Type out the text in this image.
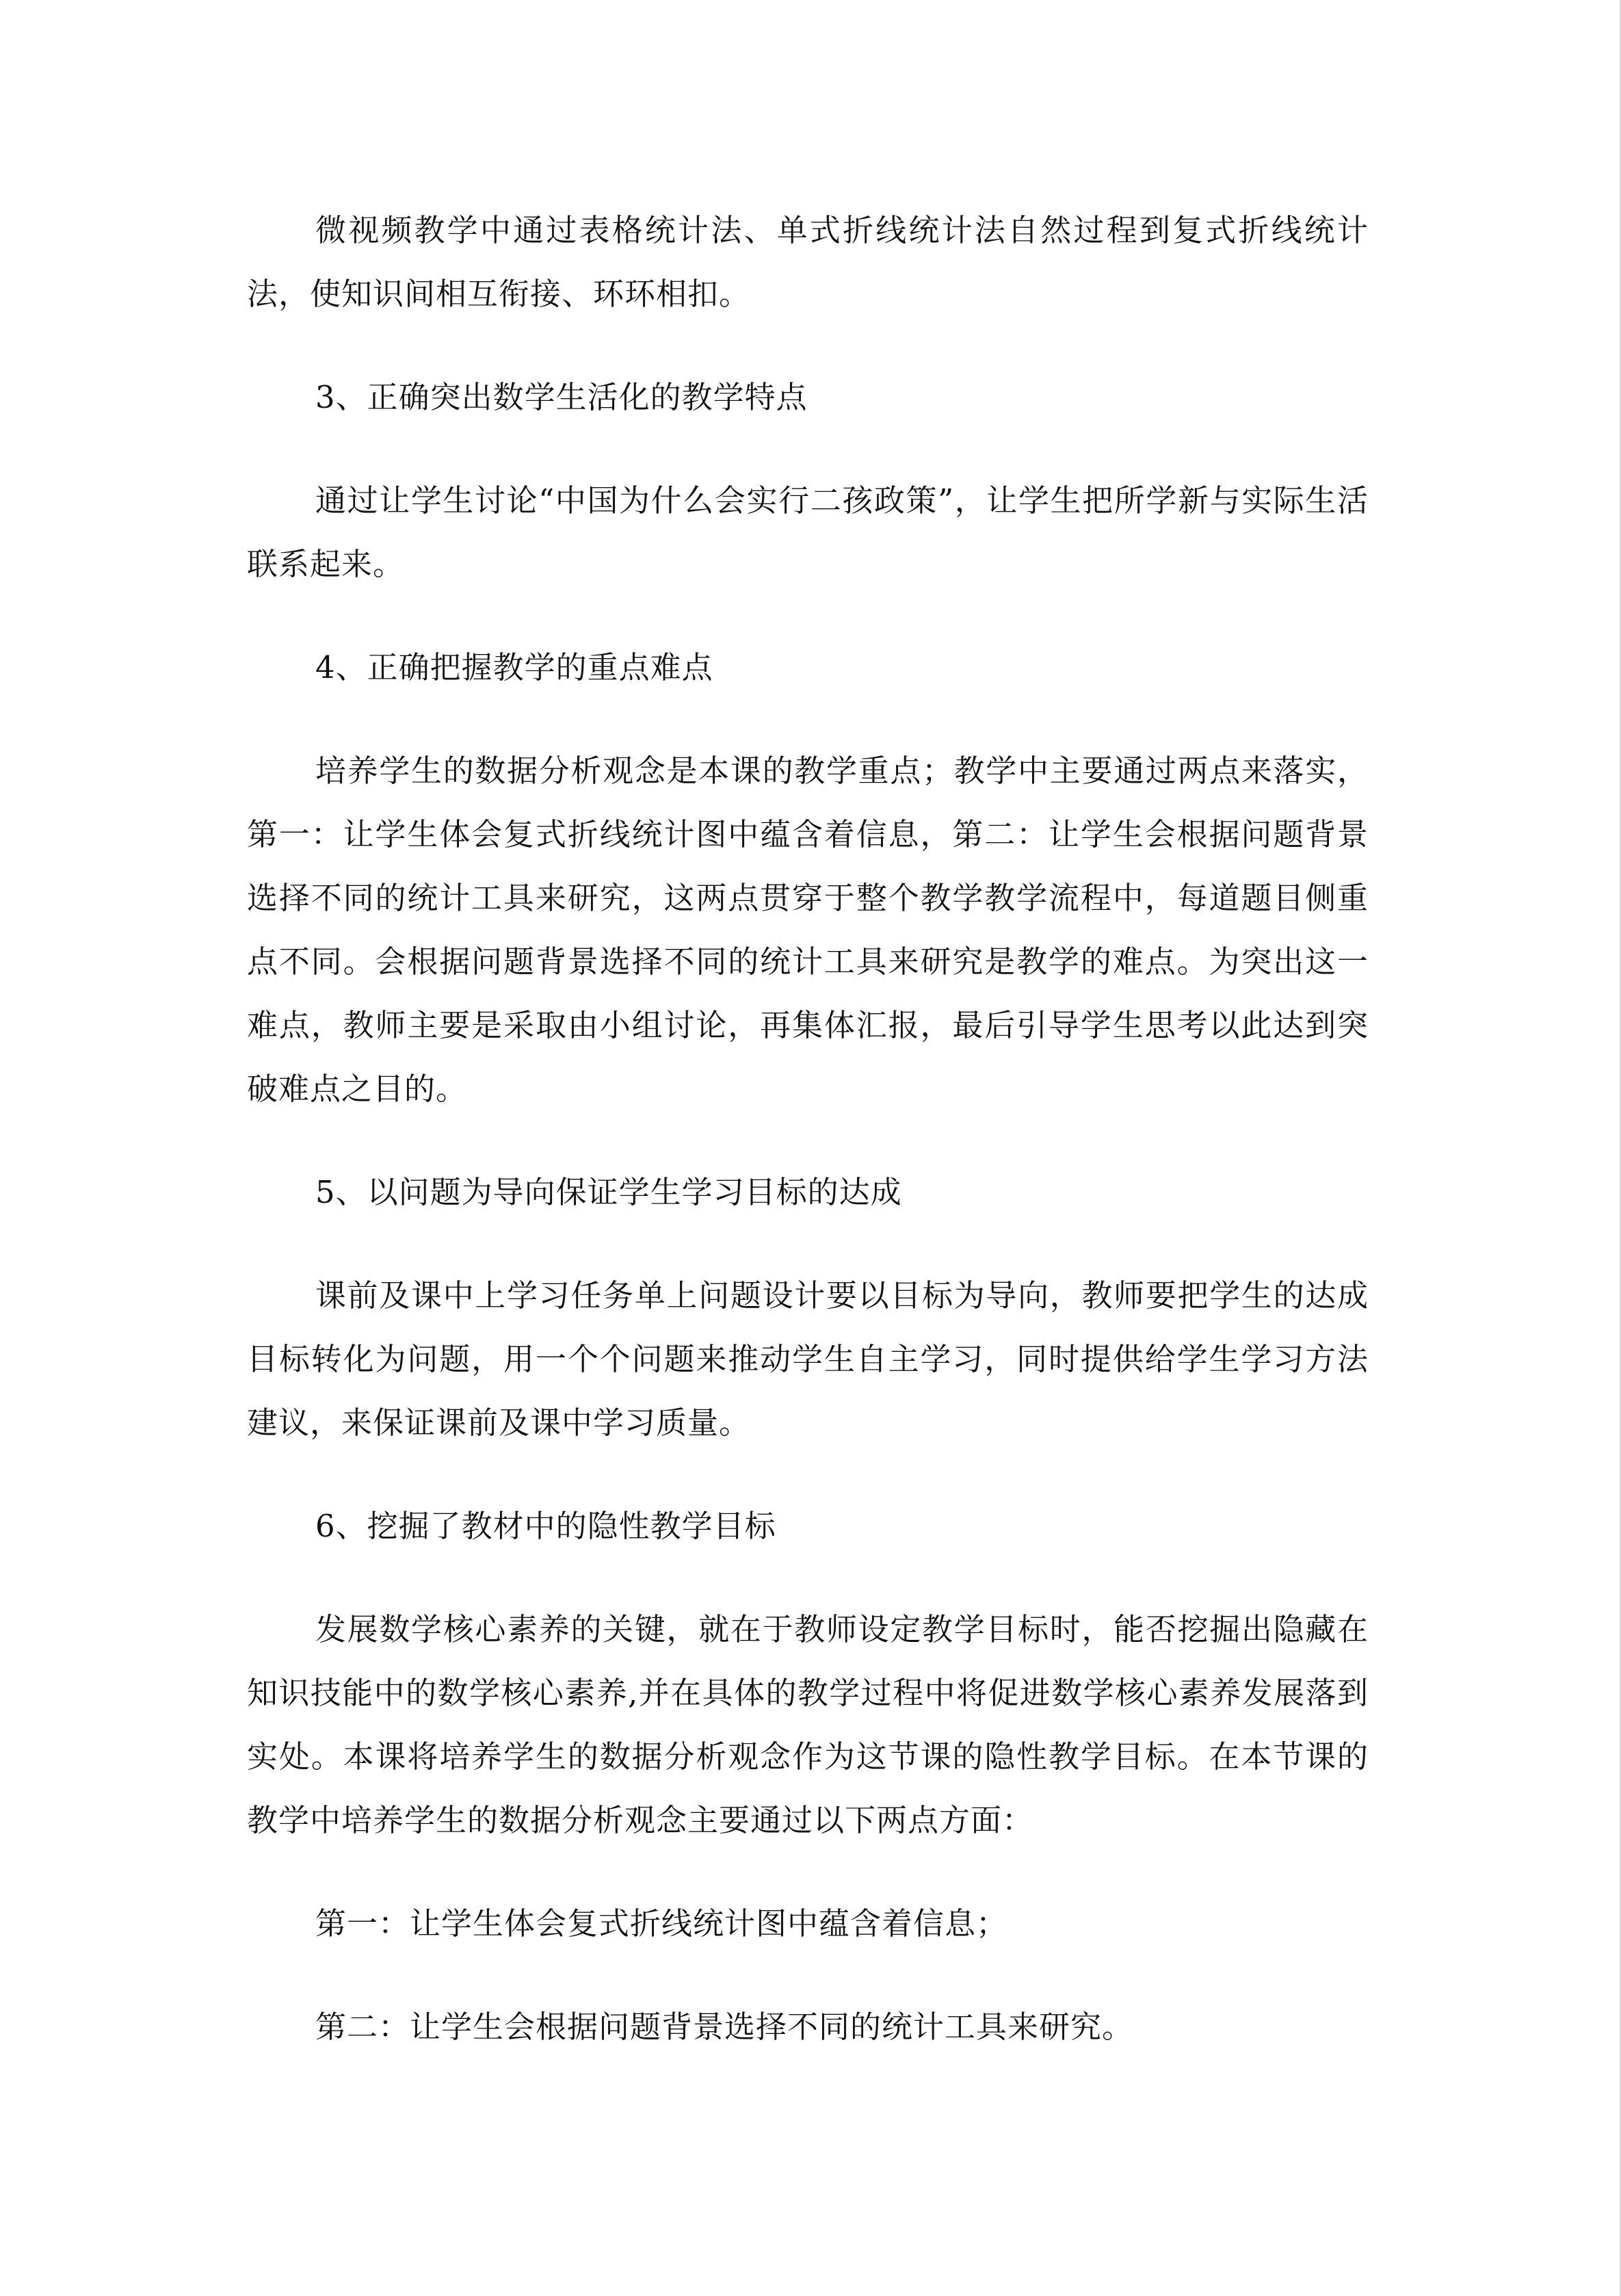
微视频教学中通过表格统计法、单式折线统计法自然过程到复式折线统计法，使知识间相互衔接、环环相扣。

3、正确突出数学生活化的教学特点

通过让学生讨论“中国为什么会实行二孩政策”，让学生把所学新与实际生活联系起来。

4、正确把握教学的重点难点

培养学生的数据分析观念是本课的教学重点；教学中主要通过两点来落实，第一：让学生体会复式折线统计图中蕴含着信息，第二：让学生会根据问题背景选择不同的统计工具来研究，这两点贯穿于整个教学教学流程中，每道题目侧重点不同。会根据问题背景选择不同的统计工具来研究是教学的难点。为突出这一难点，教师主要是采取由小组讨论，再集体汇报，最后引导学生思考以此达到突破难点之目的。

5、以问题为导向保证学生学习目标的达成

课前及课中上学习任务单上问题设计要以目标为导向，教师要把学生的达成目标转化为问题，用一个个问题来推动学生自主学习，同时提供给学生学习方法建议，来保证课前及课中学习质量。

6、挖掘了教材中的隐性教学目标

发展数学核心素养的关键，就在于教师设定教学目标时，能否挖掘出隐藏在知识技能中的数学核心素养,并在具体的教学过程中将促进数学核心素养发展落到实处。本课将培养学生的数据分析观念作为这节课的隐性教学目标。在本节课的教学中培养学生的数据分析观念主要通过以下两点方面：

第一：让学生体会复式折线统计图中蕴含着信息；

第二：让学生会根据问题背景选择不同的统计工具来研究。
